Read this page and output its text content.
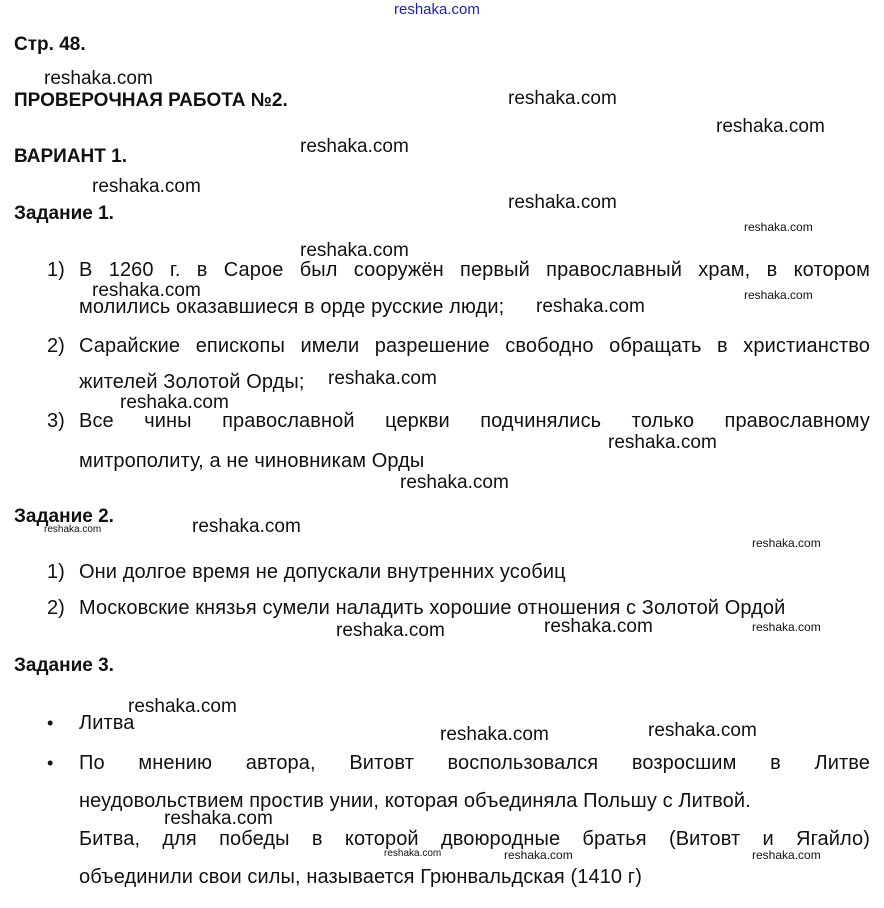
reshaka.com
Стр. 48.
ПРОВЕРОЧНАЯ РАБОТА №2.
ВАРИАНТ 1.
Задание 1.
1) В 1260 г. в Сарое был сооружён первый православный храм, в котором
молились оказавшиеся в орде русские люди;
2) Сарайские епископы имели разрешение свободно обращать в христианство
жителей Золотой Орды;
3) Все чины православной церкви подчинялись только православному
митрополиту, а не чиновникам Орды
Задание 2.
1) Они долгое время не допускали внутренних усобиц
2) Московские князья сумели наладить хорошие отношения с Золотой Ордой
Задание 3.
• Литва
• По мнению автора, Витовт воспользовался возросшим в Литве
неудовольствием простив унии, которая объединяла Польшу с Литвой.
Битва, для победы в которой двоюродные братья (Витовт и Ягайло)
объединили свои силы, называется Грюнвальдская (1410 г)
reshaka.com
reshaka.com
reshaka.com
reshaka.com
reshaka.com
reshaka.com
reshaka.com
reshaka.com
reshaka.com
reshaka.com
reshaka.com
reshaka.com
reshaka.com
reshaka.com
reshaka.com	reshaka.com
reshaka.com
reshaka.com
reshaka.com
reshaka.com
reshaka.com
reshaka.com
reshaka.com
reshaka.com
reshaka.com
reshaka.com	reshaka.com	reshaka.com
